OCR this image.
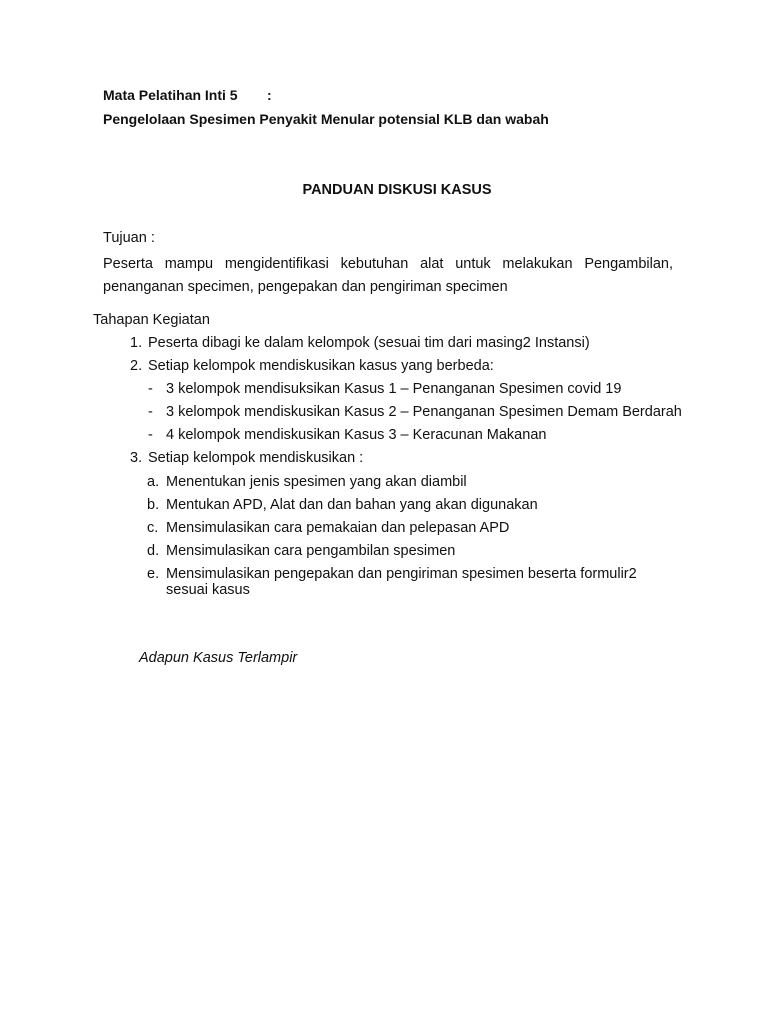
Mata Pelatihan Inti 5 :
Pengelolaan Spesimen Penyakit Menular potensial KLB dan wabah
PANDUAN DISKUSI KASUS
Tujuan :
Peserta mampu mengidentifikasi kebutuhan alat untuk melakukan Pengambilan, penanganan specimen, pengepakan dan pengiriman specimen
Tahapan Kegiatan
1. Peserta dibagi ke dalam kelompok (sesuai tim dari masing2 Instansi)
2. Setiap kelompok mendiskusikan kasus yang berbeda:
- 3 kelompok mendisuksikan Kasus 1 – Penanganan Spesimen covid 19
- 3 kelompok mendiskusikan Kasus 2 – Penanganan Spesimen Demam Berdarah
- 4 kelompok mendiskusikan Kasus 3 – Keracunan Makanan
3. Setiap kelompok mendiskusikan :
a. Menentukan jenis spesimen yang akan diambil
b. Mentukan APD, Alat dan dan bahan yang akan digunakan
c. Mensimulasikan cara pemakaian dan pelepasan APD
d. Mensimulasikan cara pengambilan spesimen
e. Mensimulasikan pengepakan dan pengiriman spesimen beserta formulir2 sesuai kasus
Adapun Kasus Terlampir
